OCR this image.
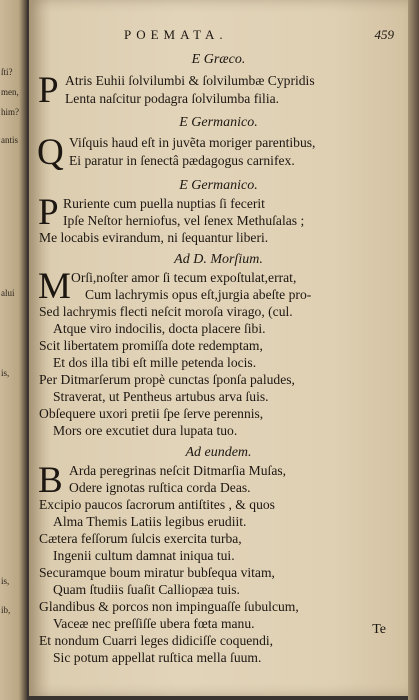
ſti?
men,
him?
antis
alui
is,
is,
ib,
POEMATA.	459
E Græco.
P Atris Euhii ſolvilumbi & ſolvilumbæ Cypridis
Lenta naſcitur podagra ſolvilumba filia.
E Germanico.
Q Viſquis haud eſt in juvẽta moriger parentibus,
Ei paratur in ſenectâ pædagogus carnifex.
E Germanico.
P Ruriente cum puella nuptias ſi fecerit
Ipſe Neſtor herniofus, vel ſenex Methuſalas ;
Me locabis evirandum, ni ſequantur liberi.
Ad D. Morſium.
M Orſi,noſter amor ſi tecum expoſtulat,errat,
Cum lachrymis opus eſt,jurgia abeſte pro-
Sed lachrymis flecti neſcit moroſa virago, (cul.
Atque viro indocilis, docta placere ſibi.
Scit libertatem promiſſa dote redemptam,
Et dos illa tibi eſt mille petenda locis.
Per Ditmarſerum propè cunctas ſponſa paludes,
Straverat, ut Pentheus artubus arva ſuis.
Obſequere uxori pretii ſpe ſerve perennis,
Mors ore excutiet dura lupata tuo.
Ad eundem.
B Arda peregrinas neſcit Ditmarſia Muſas,
Odere ignotas ruſtica corda Deas.
Excipio paucos ſacrorum antiſtites , & quos
Alma Themis Latiis legibus erudiit.
Cætera feſſorum ſulcis exercita turba,
Ingenii cultum damnat iniqua tui.
Securamque boum miratur bubſequa vitam,
Quam ſtudiis ſuaſit Calliopæa tuis.
Glandibus & porcos non impinguaſſe ſubulcum,
Vaceæ nec preſſiſſe ubera fœta manu.
Et nondum Cuarri leges didiciſſe coquendi,
Sic potum appellat ruſtica mella ſuum.
Te
